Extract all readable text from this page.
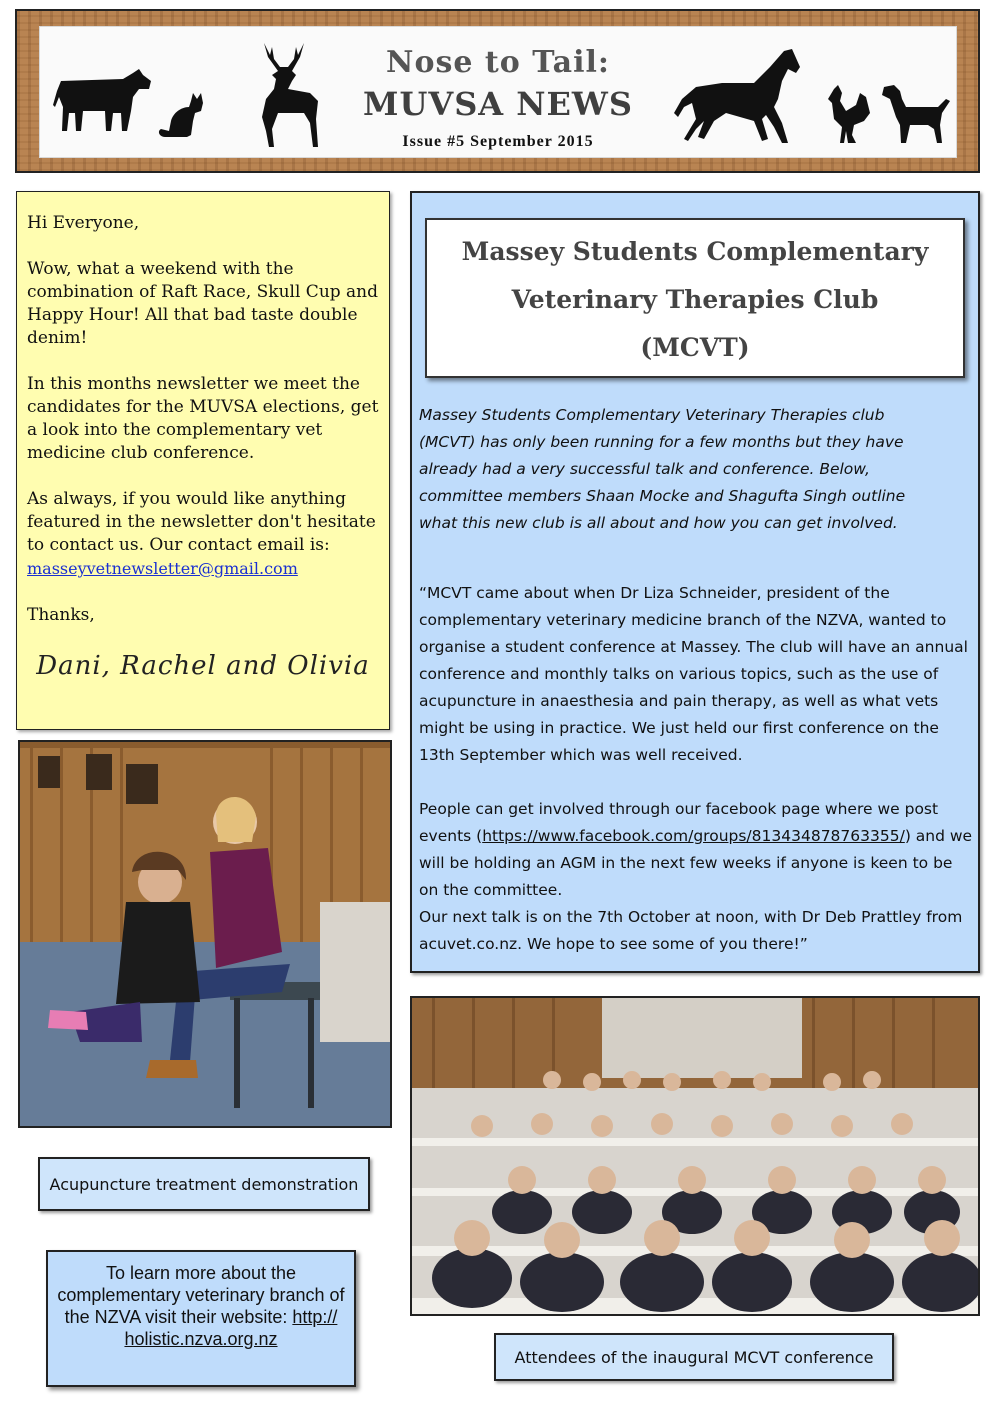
Nose to Tail:
MUVSA NEWS
Issue #5 September 2015

Hi Everyone,

Wow, what a weekend with the combination of Raft Race, Skull Cup and Happy Hour! All that bad taste double denim!

In this months newsletter we meet the candidates for the MUVSA elections, get a look into the complementary vet medicine club conference.

As always, if you would like anything featured in the newsletter don't hesitate to contact us. Our contact email is:
masseyvetnewsletter@gmail.com

Thanks,

Dani, Rachel and Olivia
Massey Students Complementary
Veterinary Therapies Club
(MCVT)
Massey Students Complementary Veterinary Therapies club (MCVT) has only been running for a few months but they have already had a very successful talk and conference. Below, committee members Shaan Mocke and Shagufta Singh outline what this new club is all about and how you can get involved.

“MCVT came about when Dr Liza Schneider, president of the complementary veterinary medicine branch of the NZVA, wanted to organise a student conference at Massey. The club will have an annual conference and monthly talks on various topics, such as the use of acupuncture in anaesthesia and pain therapy, as well as what vets might be using in practice. We just held our first conference on the 13th September which was well received.

People can get involved through our facebook page where we post events (https://www.facebook.com/groups/813434878763355/) and we will be holding an AGM in the next few weeks if anyone is keen to be on the committee.

Our next talk is on the 7th October at noon, with Dr Deb Prattley from acuvet.co.nz. We hope to see some of you there!”

Acupuncture treatment demonstration
Attendees of the inaugural MCVT conference
To learn more about the complementary veterinary branch of the NZVA visit their website: http://
holistic.nzva.org.nz
